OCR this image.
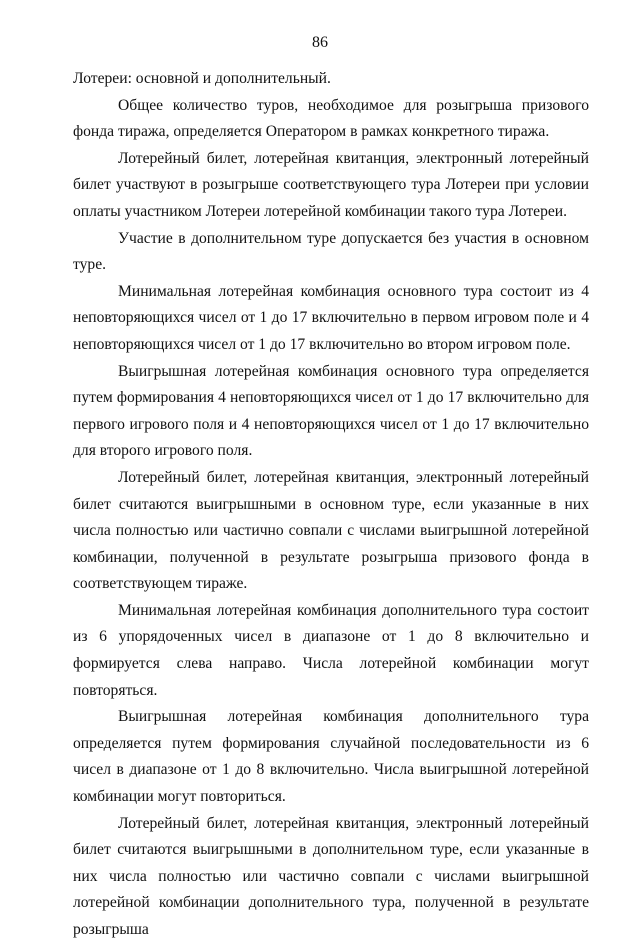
86

Лотереи: основной и дополнительный.

Общее количество туров, необходимое для розыгрыша призового фонда тиража, определяется Оператором в рамках конкретного тиража.

Лотерейный билет, лотерейная квитанция, электронный лотерейный билет участвуют в розыгрыше соответствующего тура Лотереи при условии оплаты участником Лотереи лотерейной комбинации такого тура Лотереи.

Участие в дополнительном туре допускается без участия в основном туре.

Минимальная лотерейная комбинация основного тура состоит из 4 неповторяющихся чисел от 1 до 17 включительно в первом игровом поле и 4 неповторяющихся чисел от 1 до 17 включительно во втором игровом поле.

Выигрышная лотерейная комбинация основного тура определяется путем формирования 4 неповторяющихся чисел от 1 до 17 включительно для первого игрового поля и 4 неповторяющихся чисел от 1 до 17 включительно для второго игрового поля.

Лотерейный билет, лотерейная квитанция, электронный лотерейный билет считаются выигрышными в основном туре, если указанные в них числа полностью или частично совпали с числами выигрышной лотерейной комбинации, полученной в результате розыгрыша призового фонда в соответствующем тираже.

Минимальная лотерейная комбинация дополнительного тура состоит из 6 упорядоченных чисел в диапазоне от 1 до 8 включительно и формируется слева направо. Числа лотерейной комбинации могут повторяться.

Выигрышная лотерейная комбинация дополнительного тура определяется путем формирования случайной последовательности из 6 чисел в диапазоне от 1 до 8 включительно. Числа выигрышной лотерейной комбинации могут повториться.

Лотерейный билет, лотерейная квитанция, электронный лотерейный билет считаются выигрышными в дополнительном туре, если указанные в них числа полностью или частично совпали с числами выигрышной лотерейной комбинации дополнительного тура, полученной в результате розыгрыша
